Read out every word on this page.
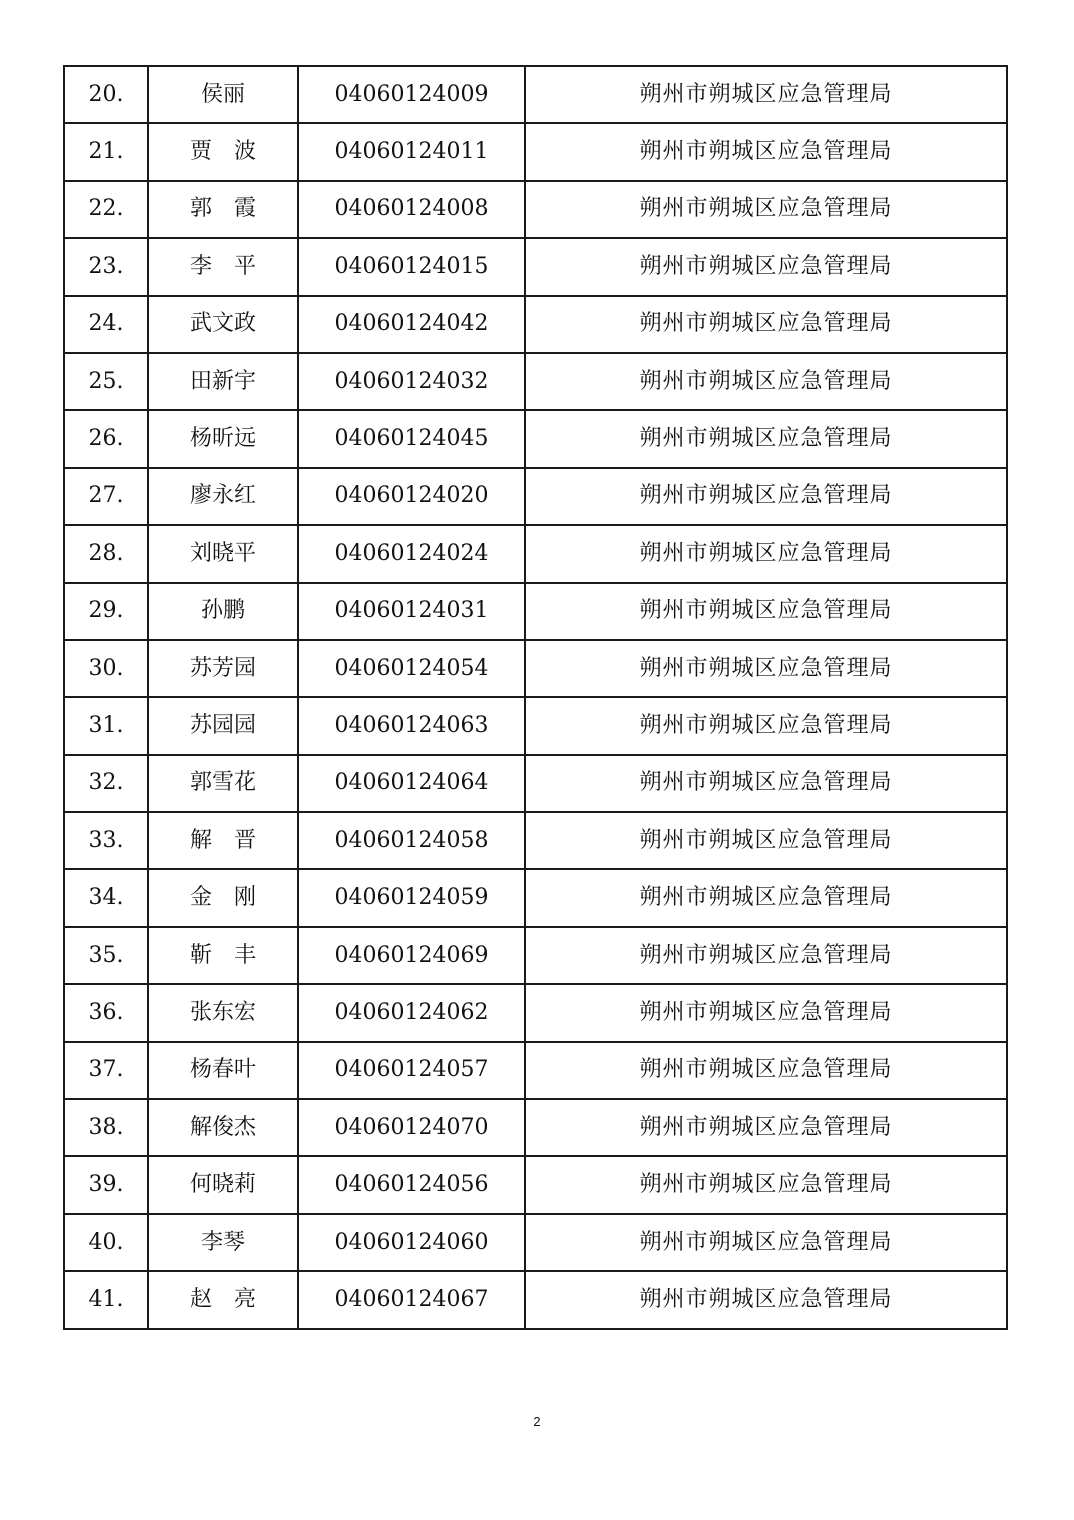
20.	侯丽	04060124009	朔州市朔城区应急管理局
21.	贾　波	04060124011	朔州市朔城区应急管理局
22.	郭　霞	04060124008	朔州市朔城区应急管理局
23.	李　平	04060124015	朔州市朔城区应急管理局
24.	武文政	04060124042	朔州市朔城区应急管理局
25.	田新宇	04060124032	朔州市朔城区应急管理局
26.	杨昕远	04060124045	朔州市朔城区应急管理局
27.	廖永红	04060124020	朔州市朔城区应急管理局
28.	刘晓平	04060124024	朔州市朔城区应急管理局
29.	孙鹏	04060124031	朔州市朔城区应急管理局
30.	苏芳园	04060124054	朔州市朔城区应急管理局
31.	苏园园	04060124063	朔州市朔城区应急管理局
32.	郭雪花	04060124064	朔州市朔城区应急管理局
33.	解　晋	04060124058	朔州市朔城区应急管理局
34.	金　刚	04060124059	朔州市朔城区应急管理局
35.	靳　丰	04060124069	朔州市朔城区应急管理局
36.	张东宏	04060124062	朔州市朔城区应急管理局
37.	杨春叶	04060124057	朔州市朔城区应急管理局
38.	解俊杰	04060124070	朔州市朔城区应急管理局
39.	何晓莉	04060124056	朔州市朔城区应急管理局
40.	李琴	04060124060	朔州市朔城区应急管理局
41.	赵　亮	04060124067	朔州市朔城区应急管理局
2
